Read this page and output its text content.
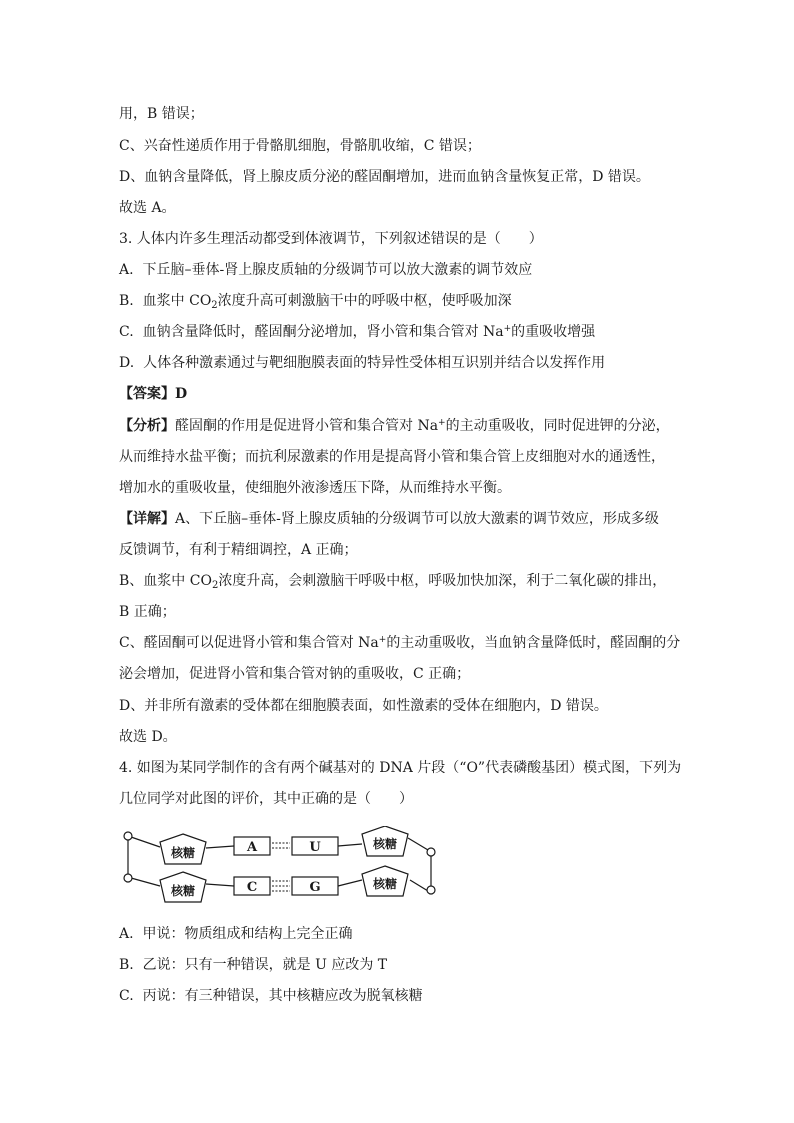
用，B 错误；
C、兴奋性递质作用于骨骼肌细胞，骨骼肌收缩，C 错误；
D、血钠含量降低，肾上腺皮质分泌的醛固酮增加，进而血钠含量恢复正常，D 错误。
故选 A。
3. 人体内许多生理活动都受到体液调节，下列叙述错误的是（　　）
A. 下丘脑–垂体-肾上腺皮质轴的分级调节可以放大激素的调节效应
B. 血浆中 $CO_2$浓度升高可刺激脑干中的呼吸中枢，使呼吸加深
C. 血钠含量降低时，醛固酮分泌增加，肾小管和集合管对 Na+的重吸收增强
D. 人体各种激素通过与靶细胞膜表面的特异性受体相互识别并结合以发挥作用
【答案】D
【分析】醛固酮的作用是促进肾小管和集合管对 Na+的主动重吸收，同时促进钾的分泌，
从而维持水盐平衡；而抗利尿激素的作用是提高肾小管和集合管上皮细胞对水的通透性，
增加水的重吸收量，使细胞外液渗透压下降，从而维持水平衡。
【详解】A、下丘脑–垂体-肾上腺皮质轴的分级调节可以放大激素的调节效应，形成多级
反馈调节，有利于精细调控，A 正确；
B、血浆中 $CO_2$浓度升高，会刺激脑干呼吸中枢，呼吸加快加深，利于二氧化碳的排出，
B 正确；
C、醛固酮可以促进肾小管和集合管对 Na+的主动重吸收，当血钠含量降低时，醛固酮的分
泌会增加，促进肾小管和集合管对钠的重吸收，C 正确；
D、并非所有激素的受体都在细胞膜表面，如性激素的受体在细胞内，D 错误。
故选 D。
4. 如图为某同学制作的含有两个碱基对的 DNA 片段（“O”代表磷酸基团）模式图，下列为
几位同学对此图的评价，其中正确的是（　　）
核糖
核糖
核糖
核糖
A	U
C	G
A. 甲说：物质组成和结构上完全正确
B. 乙说：只有一种错误，就是 U 应改为 T
C. 丙说：有三种错误，其中核糖应改为脱氧核糖
